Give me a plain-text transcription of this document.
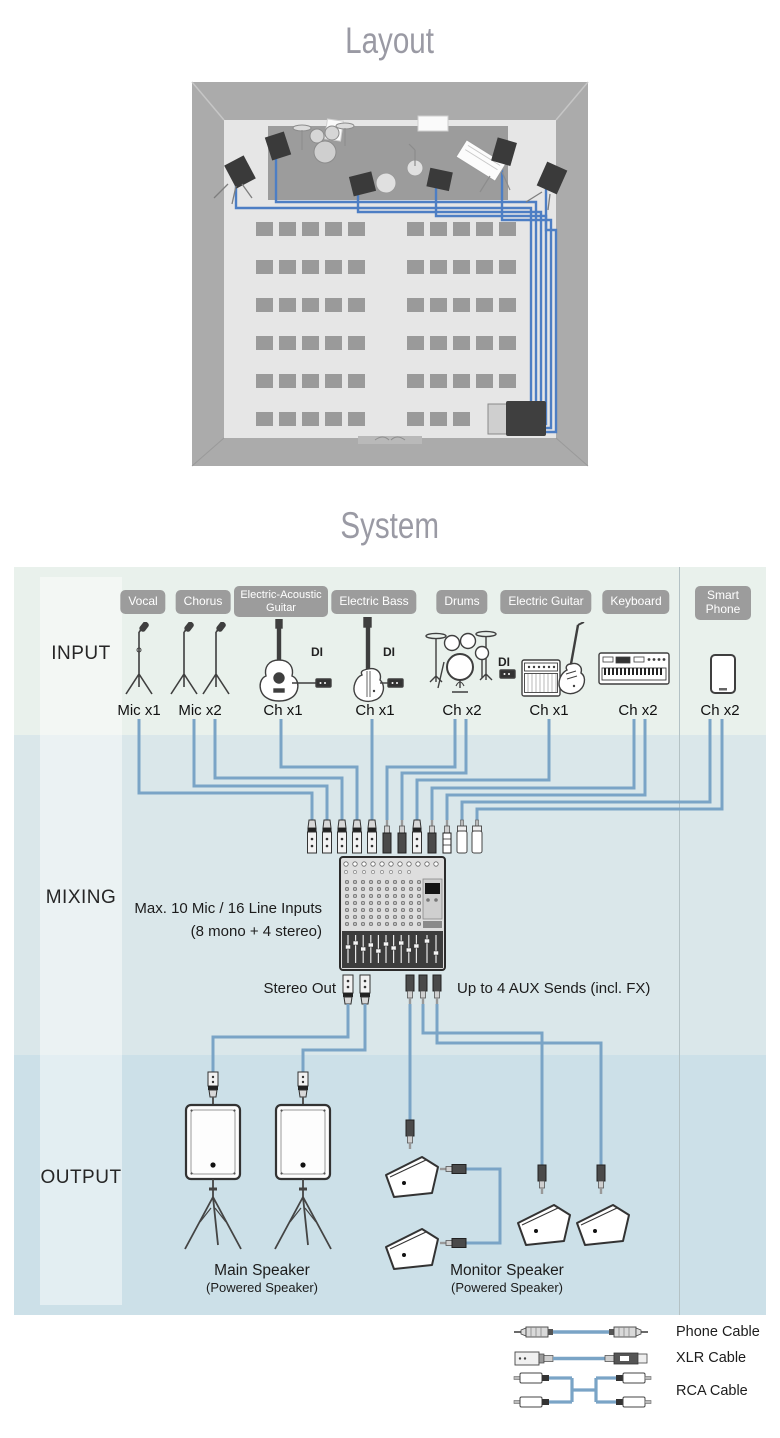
Layout
System
INPUT
MIXING
OUTPUT
Vocal	Chorus	Electric-Acoustic Guitar	Electric Bass	Drums	Electric Guitar	Keyboard	Smart Phone
DI	DI
DI
Mic x1 Mic x2	Ch x1	Ch x1	Ch x2	Ch x1	Ch x2	Ch x2
Max. 10 Mic / 16 Line Inputs
(8 mono + 4 stereo)
Stereo Out	Up to 4 AUX Sends (incl. FX)
Main Speaker
(Powered Speaker)
Monitor Speaker
(Powered Speaker)
Phone Cable
XLR Cable
RCA Cable
